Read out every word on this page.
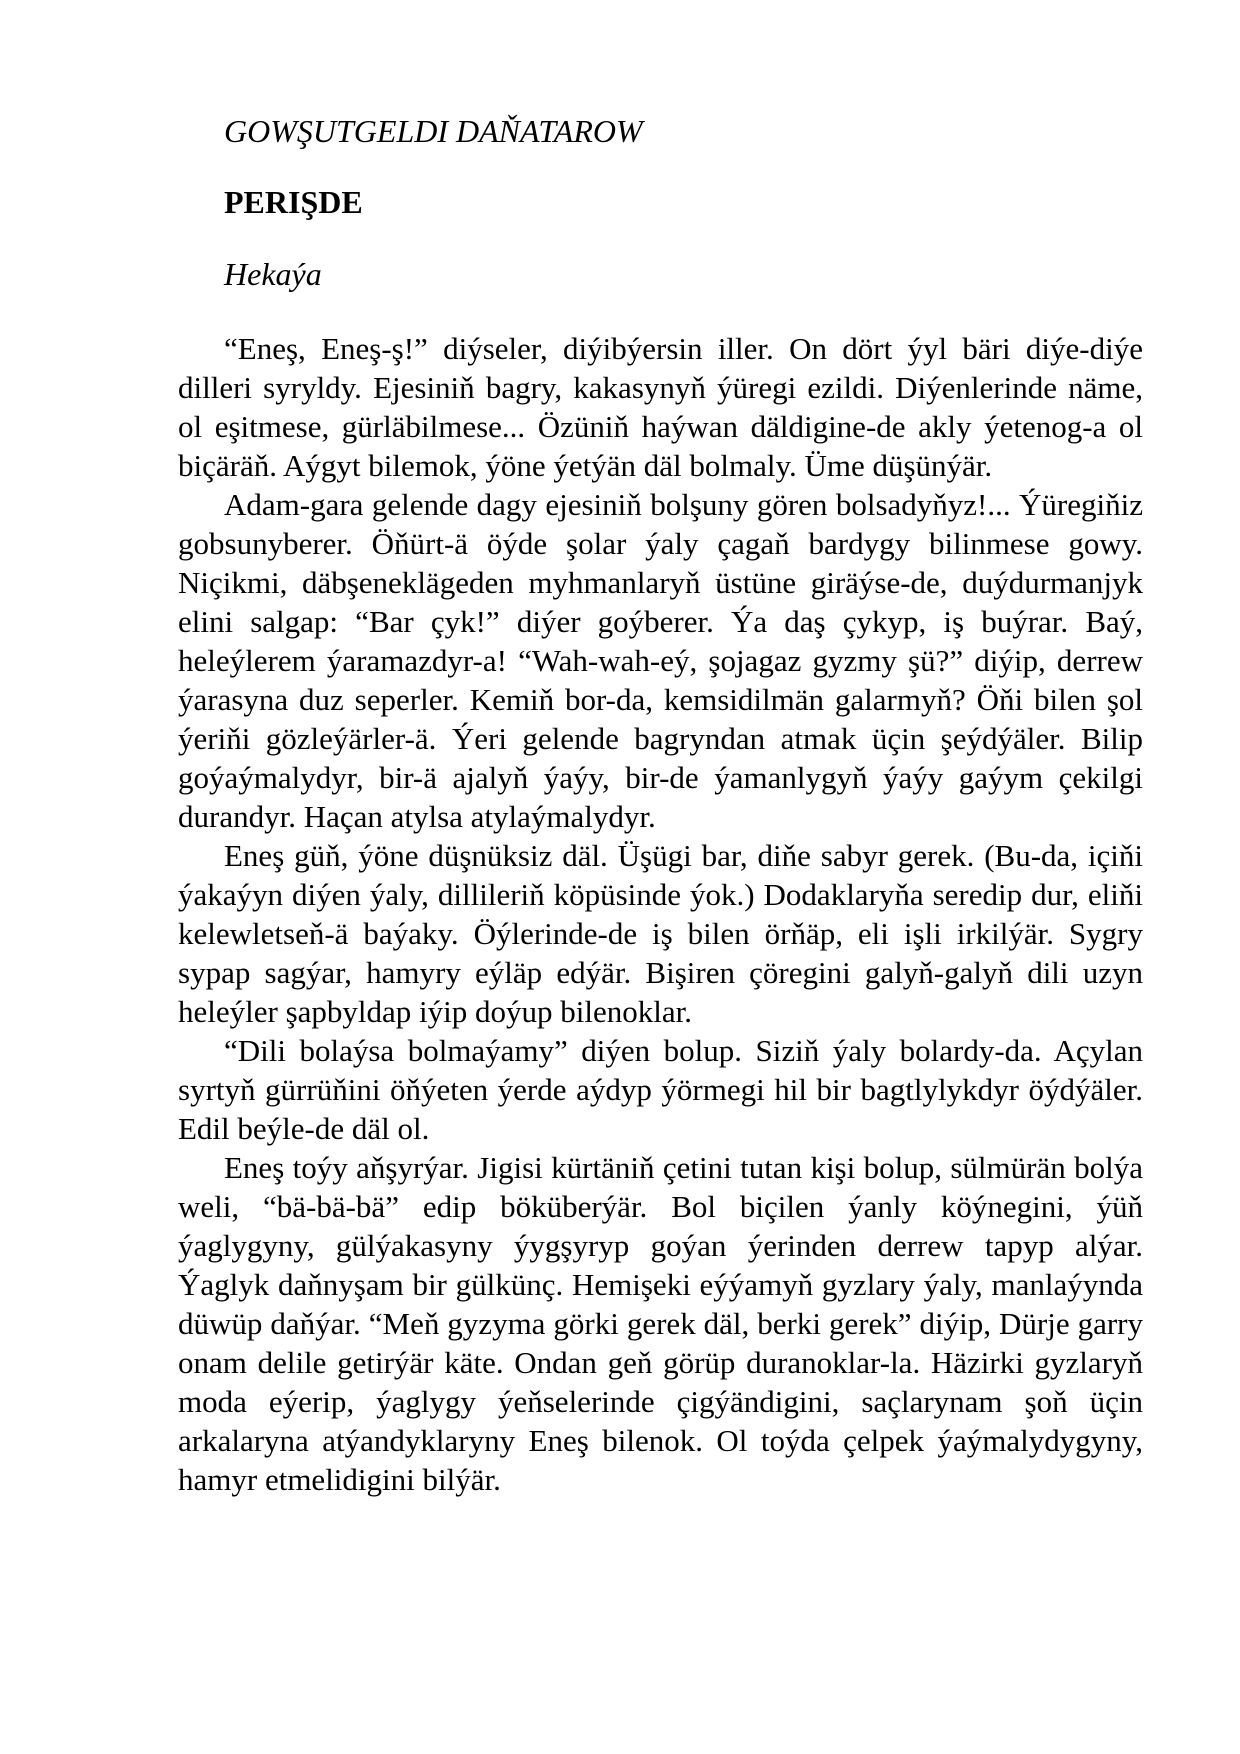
GOWŞUTGELDI DAŇATAROW
PERIŞDE
Hekaýa

“Eneş, Eneş-ş!” diýseler, diýibýersin iller. On dört ýyl bäri diýe-diýe dilleri syryldy. Ejesiniň bagry, kakasynyň ýüregi ezildi. Diýenlerinde näme, ol eşitmese, gürläbilmese... Özüniň haýwan däldigine-de akly ýetenog-a ol biçäräň. Aýgyt bilemok, ýöne ýetýän däl bolmaly. Üme düşünýär.

Adam-gara gelende dagy ejesiniň bolşuny gören bolsadyňyz!... Ýüregiňiz gobsunyberer. Öňürt-ä öýde şolar ýaly çagaň bardygy bilinmese gowy. Niçikmi, däbşeneklägeden myhmanlaryň üstüne giräýse-de, duýdurmanjyk elini salgap: “Bar çyk!” diýer goýberer. Ýa daş çykyp, iş buýrar. Baý, heleýlerem ýaramazdyr-a! “Wah-wah-eý, şojagaz gyzmy şü?” diýip, derrew ýarasyna duz seperler. Kemiň bor-da, kemsidilmän galarmyň? Öňi bilen şol ýeriňi gözleýärler-ä. Ýeri gelende bagryndan atmak üçin şeýdýäler. Bilip goýaýmalydyr, bir-ä ajalyň ýaýy, bir-de ýamanlygyň ýaýy gaýym çekilgi durandyr. Haçan atylsa atylaýmalydyr.

Eneş güň, ýöne düşnüksiz däl. Üşügi bar, diňe sabyr gerek. (Bu-da, içiňi ýakaýyn diýen ýaly, dillileriň köpüsinde ýok.) Dodaklaryňa seredip dur, eliňi kelewletseň-ä baýaky. Öýlerinde-de iş bilen örňäp, eli işli irkilýär. Sygry sypap sagýar, hamyry eýläp edýär. Bişiren çöregini galyň-galyň dili uzyn heleýler şapbyldap iýip doýup bilenoklar.

“Dili bolaýsa bolmaýamy” diýen bolup. Siziň ýaly bolardy-da. Açylan syrtyň gürrüňini öňýeten ýerde aýdyp ýörmegi hil bir bagtlylykdyr öýdýäler. Edil beýle-de däl ol.

Eneş toýy aňşyrýar. Jigisi kürtäniň çetini tutan kişi bolup, sülmürän bolýa weli, “bä-bä-bä” edip böküberýär. Bol biçilen ýanly köýnegini, ýüň ýaglygyny, gülýakasyny ýygşyryp goýan ýerinden derrew tapyp alýar. Ýaglyk daňnyşam bir gülkünç. Hemişeki eýýamyň gyzlary ýaly, manlaýynda düwüp daňýar. “Meň gyzyma görki gerek däl, berki gerek” diýip, Dürje garry onam delile getirýär käte. Ondan geň görüp duranoklar-la. Häzirki gyzlaryň moda eýerip, ýaglygy ýeňselerinde çigýändigini, saçlarynam şoň üçin arkalaryna atýandyklaryny Eneş bilenok. Ol toýda çelpek ýaýmalydygyny, hamyr etmelidigini bilýär.
